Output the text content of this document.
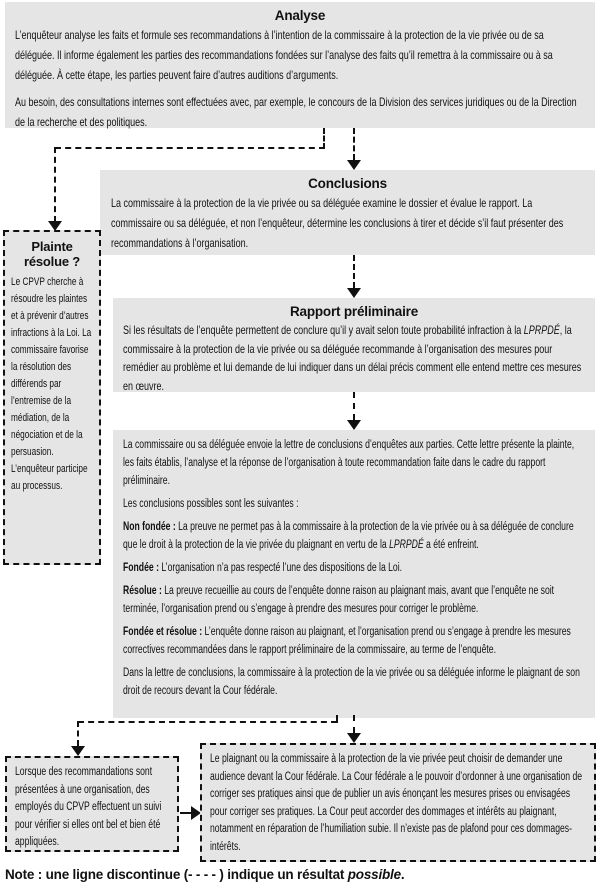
Analyse

L’enquêteur analyse les faits et formule ses recommandations à l’intention de la commissaire à la protection de la vie privée ou de sa déléguée. Il informe également les parties des recommandations fondées sur l’analyse des faits qu’il remettra à la commissaire ou à sa déléguée. À cette étape, les parties peuvent faire d’autres auditions d’arguments.

Au besoin, des consultations internes sont effectuées avec, par exemple, le concours de la Division des services juridiques ou de la Direction de la recherche et des politiques.

Conclusions

La commissaire à la protection de la vie privée ou sa déléguée examine le dossier et évalue le rapport. La commissaire ou sa déléguée, et non l’enquêteur, détermine les conclusions à tirer et décide s’il faut présenter des recommandations à l’organisation.

Plainte résolue ?
Le CPVP cherche à résoudre les plaintes et à prévenir d’autres infractions à la Loi. La commissaire favorise la résolution des différends par l’entremise de la médiation, de la négociation et de la persuasion. L’enquêteur participe au processus.
Rapport préliminaire
Si les résultats de l’enquête permettent de conclure qu’il y avait selon toute probabilité infraction à la LPRPDÉ, la commissaire à la protection de la vie privée ou sa déléguée recommande à l’organisation des mesures pour remédier au problème et lui demande de lui indiquer dans un délai précis comment elle entend mettre ces mesures en œuvre.

La commissaire ou sa déléguée envoie la lettre de conclusions d’enquêtes aux parties. Cette lettre présente la plainte, les faits établis, l’analyse et la réponse de l’organisation à toute recommandation faite dans le cadre du rapport préliminaire.

Les conclusions possibles sont les suivantes :

Non fondée : La preuve ne permet pas à la commissaire à la protection de la vie privée ou à sa déléguée de conclure que le droit à la protection de la vie privée du plaignant en vertu de la LPRPDÉ a été enfreint.

Fondée : L’organisation n’a pas respecté l’une des dispositions de la Loi.

Résolue : La preuve recueillie au cours de l’enquête donne raison au plaignant mais, avant que l’enquête ne soit terminée, l’organisation prend ou s’engage à prendre des mesures pour corriger le problème.

Fondée et résolue : L’enquête donne raison au plaignant, et l’organisation prend ou s’engage à prendre les mesures correctives recommandées dans le rapport préliminaire de la commissaire, au terme de l’enquête.

Dans la lettre de conclusions, la commissaire à la protection de la vie privée ou sa déléguée informe le plaignant de son droit de recours devant la Cour fédérale.

Lorsque des recommandations sont présentées à une organisation, des employés du CPVP effectuent un suivi pour vérifier si elles ont bel et bien été appliquées.
Le plaignant ou la commissaire à la protection de la vie privée peut choisir de demander une audience devant la Cour fédérale. La Cour fédérale a le pouvoir d’ordonner à une organisation de corriger ses pratiques ainsi que de publier un avis énonçant les mesures prises ou envisagées pour corriger ses pratiques. La Cour peut accorder des dommages et intérêts au plaignant, notamment en réparation de l’humiliation subie. Il n’existe pas de plafond pour ces dommages-intérêts.
Note : une ligne discontinue (- - - - ) indique un résultat possible.
